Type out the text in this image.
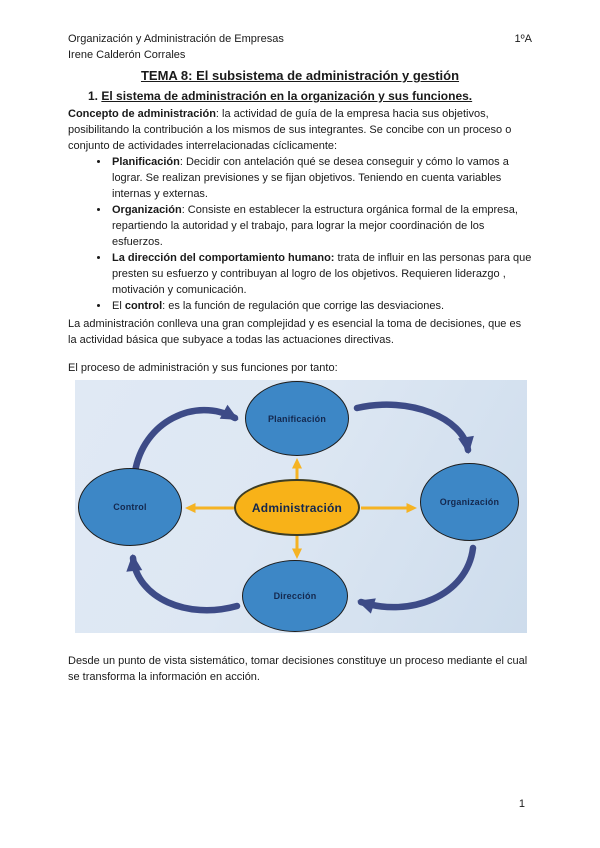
Organización y Administración de Empresas	1ºA
Irene Calderón Corrales
TEMA 8: El subsistema de administración y gestión
1. El sistema de administración en la organización y sus funciones.

Concepto de administración: la actividad de guía de la empresa hacia sus objetivos, posibilitando la contribución a los mismos de sus integrantes. Se concibe con un proceso o conjunto de actividades interrelacionadas cíclicamente:

• Planificación: Decidir con antelación qué se desea conseguir y cómo lo vamos a lograr. Se realizan previsiones y se fijan objetivos. Teniendo en cuenta variables internas y externas.
• Organización: Consiste en establecer la estructura orgánica formal de la empresa, repartiendo la autoridad y el trabajo, para lograr la mejor coordinación de los esfuerzos.
• La dirección del comportamiento humano: trata de influir en las personas para que presten su esfuerzo y contribuyan al logro de los objetivos. Requieren liderazgo , motivación y comunicación.
• El control: es la función de regulación que corrige las desviaciones.

La administración conlleva una gran complejidad y es esencial la toma de decisiones, que es la actividad básica que subyace a todas las actuaciones directivas.

El proceso de administración y sus funciones por tanto:

Planificación
Organización
Dirección
Control	Administración

Desde un punto de vista sistemático, tomar decisiones constituye un proceso mediante el cual se transforma la información en acción.

1
